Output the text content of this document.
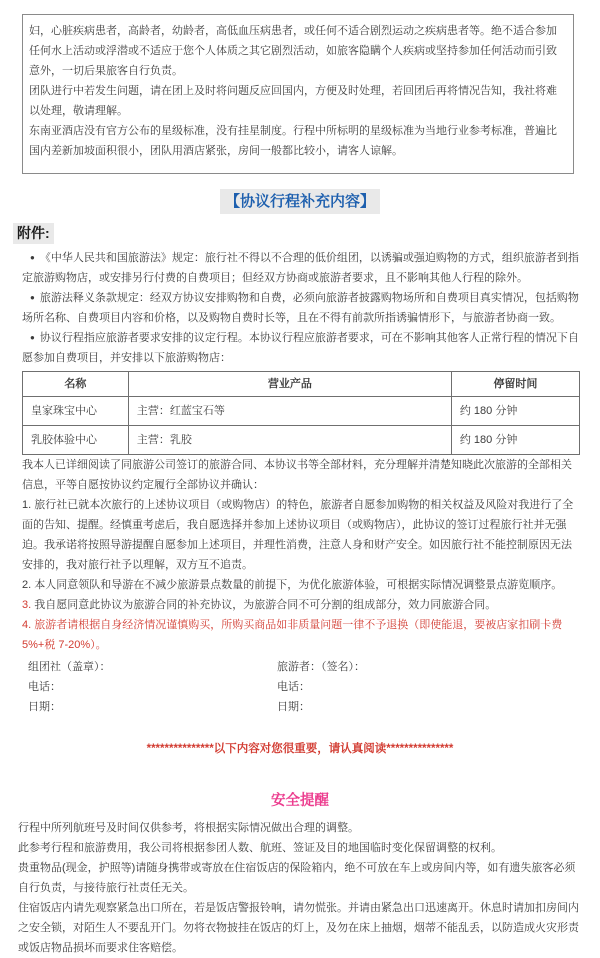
妇，心脏疾病患者，高龄者，幼龄者，高低血压病患者，或任何不适合剧烈运动之疾病患者等。绝不适合参加任何水上活动或浮潜或不适应于您个人体质之其它剧烈活动，如旅客隐瞒个人疾病或坚持参加任何活动而引致意外，一切后果旅客自行负责。

团队进行中若发生问题，请在团上及时将问题反应回国内，方便及时处理，若回团后再将情况告知，我社将难以处理，敬请理解。

东南亚酒店没有官方公布的星级标准，没有挂星制度。行程中所标明的星级标准为当地行业参考标准，普遍比国内差新加坡面积很小，团队用酒店紧张，房间一般都比较小，请客人谅解。

【协议行程补充内容】
附件:

● 《中华人民共和国旅游法》规定：旅行社不得以不合理的低价组团，以诱骗或强迫购物的方式，组织旅游者到指定旅游购物店，或安排另行付费的自费项目；但经双方协商或旅游者要求，且不影响其他人行程的除外。

● 旅游法释义条款规定：经双方协议安排购物和自费，必须向旅游者披露购物场所和自费项目真实情况，包括购物场所名称、自费项目内容和价格，以及购物自费时长等，且在不得有前款所指诱骗情形下，与旅游者协商一致。

● 协议行程指应旅游者要求安排的议定行程。本协议行程应旅游者要求，可在不影响其他客人正常行程的情况下自愿参加自费项目，并安排以下旅游购物店：

名称	营业产品	停留时间
皇家珠宝中心	主营：红蓝宝石等	约 180 分钟
乳胶体验中心	主营：乳胶	约 180 分钟

我本人已详细阅读了同旅游公司签订的旅游合同、本协议书等全部材料，充分理解并清楚知晓此次旅游的全部相关信息，平等自愿按协议约定履行全部协议并确认：

1. 旅行社已就本次旅行的上述协议项目（或购物店）的特色，旅游者自愿参加购物的相关权益及风险对我进行了全面的告知、提醒。经慎重考虑后，我自愿选择并参加上述协议项目（或购物店），此协议的签订过程旅行社并无强迫。我承诺将按照导游提醒自愿参加上述项目，并理性消费，注意人身和财产安全。如因旅行社不能控制原因无法安排的，我对旅行社予以理解，双方互不追责。

2. 本人同意领队和导游在不减少旅游景点数量的前提下，为优化旅游体验，可根据实际情况调整景点游览顺序。

3. 我自愿同意此协议为旅游合同的补充协议，为旅游合同不可分割的组成部分，效力同旅游合同。

4. 旅游者请根据自身经济情况谨慎购买，所购买商品如非质量问题一律不予退换（即使能退，要被店家扣刷卡费 5%+税 7-20%）。

组团社（盖章）：	旅游者：（签名）：
电话：	电话：
日期：	日期：
***************以下内容对您很重要，请认真阅读***************
安全提醒

行程中所列航班号及时间仅供参考，将根据实际情况做出合理的调整。

此参考行程和旅游费用，我公司将根据参团人数、航班、签证及目的地国临时变化保留调整的权利。

贵重物品(现金，护照等)请随身携带或寄放在住宿饭店的保险箱内，绝不可放在车上或房间内等，如有遗失旅客必须自行负责，与接待旅行社责任无关。

住宿饭店内请先观察紧急出口所在，若是饭店警报铃响，请勿慌张。并请由紧急出口迅速离开。休息时请加扣房间内之安全锁，对陌生人不要乱开门。勿将衣物披挂在饭店的灯上，及勿在床上抽烟，烟蒂不能乱丢，以防造成火灾形责或饭店物品损坏而要求住客赔偿。
